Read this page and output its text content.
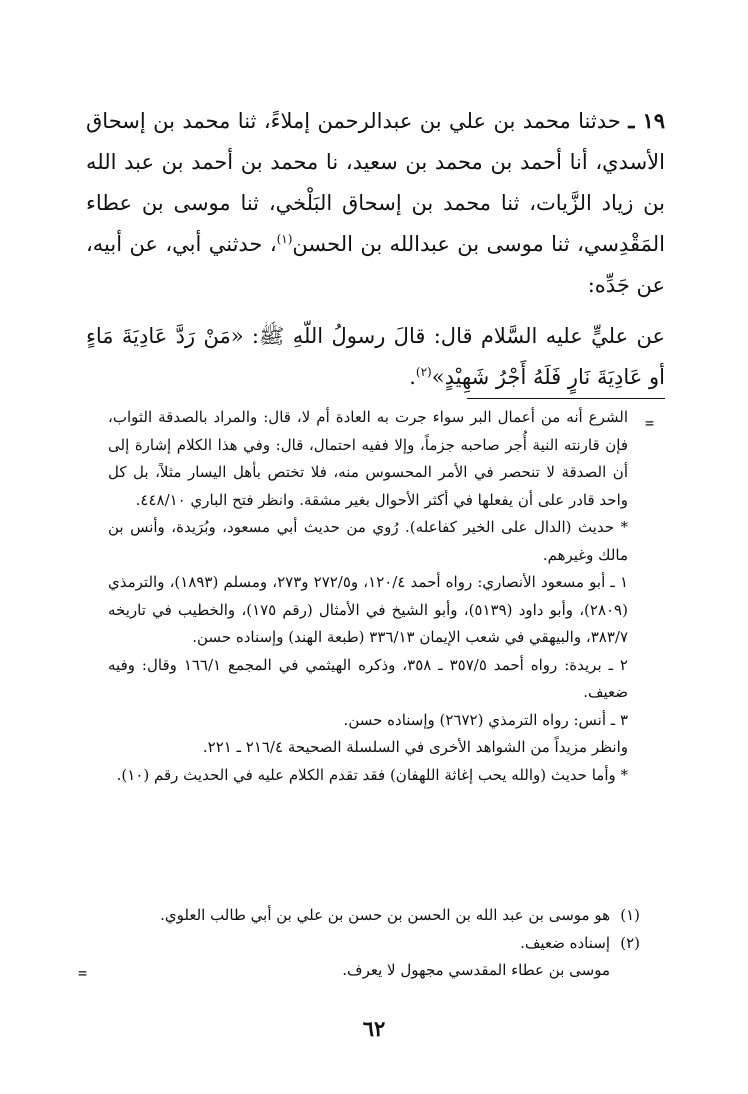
١٩ ـ حدثنا محمد بن علي بن عبدالرحمن إملاءً، ثنا محمد بن إسحاق الأسدي، أنا أحمد بن محمد بن سعيد، نا محمد بن أحمد بن عبد الله بن زياد الزَّيات، ثنا محمد بن إسحاق البَلْخي، ثنا موسى بن عطاء المَقْدِسي، ثنا موسى بن عبدالله بن الحسن$^{(١)}$، حدثني أبي، عن أبيه، عن جَدِّه:

عن عليٍّ عليه السَّلام قال: قالَ رسولُ اللّهِ ﷺ: «مَنْ رَدَّ عَادِيَةَ مَاءٍ أو عَادِيَةَ نَارٍ فَلَهُ أَجْرُ شَهِيْدٍ»$^{(٢)}$.

=

الشرع أنه من أعمال البر سواء جرت به العادة أم لا، قال: والمراد بالصدقة الثواب، فإن قارنته النية أُجر صاحبه جزماً، وإلا ففيه احتمال، قال: وفي هذا الكلام إشارة إلى أن الصدقة لا تنحصر في الأمر المحسوس منه، فلا تختص بأهل اليسار مثلاً، بل كل واحد قادر على أن يفعلها في أكثر الأحوال بغير مشقة. وانظر فتح الباري ٤٤٨/١٠.

* حديث (الدال على الخير كفاعله). رُوي من حديث أبي مسعود، وبُرَيدة، وأنس بن مالك وغيرهم.

١ ـ أبو مسعود الأنصاري: رواه أحمد ١٢٠/٤، و٢٧٢/٥ و٢٧٣، ومسلم (١٨٩٣)، والترمذي (٢٨٠٩)، وأبو داود (٥١٣٩)، وأبو الشيخ في الأمثال (رقم ١٧٥)، والخطيب في تاريخه ٣٨٣/٧، والبيهقي في شعب الإيمان ٣٣٦/١٣ (طبعة الهند) وإسناده حسن.

٢ ـ بريدة: رواه أحمد ٣٥٧/٥ ـ ٣٥٨، وذكره الهيثمي في المجمع ١٦٦/١ وقال: وفيه ضعيف.

٣ ـ أنس: رواه الترمذي (٢٦٧٢) وإسناده حسن.

وانظر مزيداً من الشواهد الأخرى في السلسلة الصحيحة ٢١٦/٤ ـ ٢٢١.

* وأما حديث (والله يحب إغاثة اللهفان) فقد تقدم الكلام عليه في الحديث رقم (١٠).

(١)هو موسى بن عبد الله بن الحسن بن حسن بن علي بن أبي طالب العلوي.

(٢)إسناده ضعيف.

موسى بن عطاء المقدسي مجهول لا يعرف.

=
٦٢
